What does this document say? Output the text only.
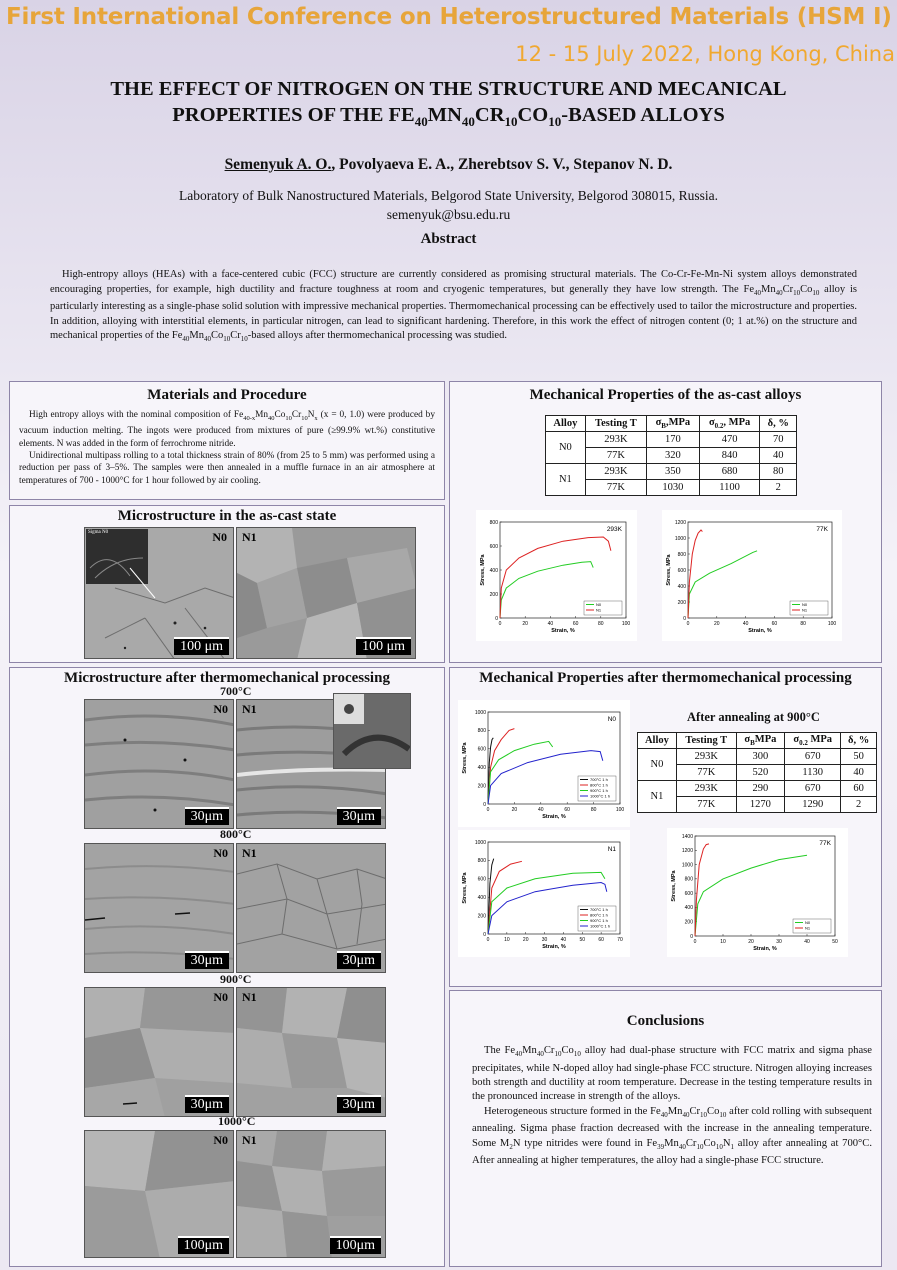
First International Conference on Heterostructured Materials (HSM I)
12 - 15 July 2022, Hong Kong, China
THE EFFECT OF NITROGEN ON THE STRUCTURE AND MECANICAL
PROPERTIES OF THE $FE_{40}MN_{40}CR_{10}CO_{10}$-BASED ALLOYS
Semenyuk A. O., Povolyaeva E. A., Zherebtsov S. V., Stepanov N. D.
Laboratory of Bulk Nanostructured Materials, Belgorod State University, Belgorod 308015, Russia.
semenyuk@bsu.edu.ru
Abstract
High-entropy alloys (HEAs) with a face-centered cubic (FCC) structure are currently considered as promising structural materials. The Co-Cr-Fe-Mn-Ni system alloys demonstrated encouraging properties, for example, high ductility and fracture toughness at room and cryogenic temperatures, but generally they have low strength. The $Fe_{40}Mn_{40}Cr_{10}Co_{10}$ alloy is particularly interesting as a single-phase solid solution with impressive mechanical properties. Thermomechanical processing can be effectively used to tailor the microstructure and properties. In addition, alloying with interstitial elements, in particular nitrogen, can lead to significant hardening. Therefore, in this work the effect of nitrogen content (0; 1 at.%) on the structure and mechanical properties of the $Fe_{40}Mn_{40}Co_{10}Cr_{10}$-based alloys after thermomechanical processing was studied.
Materials and Procedure

High entropy alloys with the nominal composition of $Fe_{40-x}Mn_{40}Co_{10}Cr_{10}N_x$ (x = 0, 1.0) were produced by vacuum induction melting. The ingots were produced from mixtures of pure (≥99.9% wt.%) constitutive elements. N was added in the form of ferrochrome nitride.

Unidirectional multipass rolling to a total thickness strain of 80% (from 25 to 5 mm) was performed using a reduction per pass of 3–5%. The samples were then annealed in a muffle furnace in an air atmosphere at temperatures of 700 - 1000°C for 1 hour followed by air cooling.

Mechanical Properties of the as-cast alloys
Alloy	Testing T	$\sigma_B,MPa$	$\sigma_{0.2}$, MPa	δ, %
N0	293K	170	470	70
	77K	320	840	40
N1	293K	350	680	80
	77K	1030	1100	2
0	20	40	60	80	100
0
200
400
600
800
Strain, %
Stress, MPa
293K
N0
N1
0	20	40	60	80	100
0
200
400
600
800
1000
1200
Strain, %
Stress, MPa
77K
N0
N1
Microstructure in the as-cast state
N0
Sigma N0
100 μm
N1
100 μm
Microstructure after thermomechanical processing
700°C
800°C
900°C
1000°C
N0
30μm
N1
30μm
N0
30μm
N1
30μm
N0
30μm
N1
30μm
N0
100μm
N1
100μm
Mechanical Properties after thermomechanical processing
0	20	40	60	80	100
0
200
400
600
800
1000
Strain, %
Stress, MPa
N0
700°C 1 h
800°C 1 h
900°C 1 h
1000°C 1 h
0	10	20	30	40	50	60	70
0
200
400
600
800
1000
Strain, %
Stress, MPa
N1
700°C 1 h
800°C 1 h
900°C 1 h
1000°C 1 h
After annealing at 900°C
Alloy	Testing T	$\sigma_BMPa$	$\sigma_{0.2}$ MPa	δ, %
N0	293K	300	670	50
	77K	520	1130	40
N1	293K	290	670	60
	77K	1270	1290	2
0	10	20	30	40	50
0
200
400
600
800
1000
1200
1400
Strain, %
Stress, MPa
77K
N0
N1
Conclusions

The $Fe_{40}Mn_{40}Cr_{10}Co_{10}$ alloy had dual-phase structure with FCC matrix and sigma phase precipitates, while N-doped alloy had single-phase FCC structure. Nitrogen alloying increases both strength and ductility at room temperature. Decrease in the testing temperature results in the pronounced increase in strength of the alloys.

Heterogeneous structure formed in the $Fe_{40}Mn_{40}Cr_{10}Co_{10}$ after cold rolling with subsequent annealing. Sigma phase fraction decreased with the increase in the annealing temperature. Some $M_2N$ type nitrides were found in $Fe_{39}Mn_{40}Cr_{10}Co_{10}N_1$ alloy after annealing at 700°C. After annealing at higher temperatures, the alloy had a single-phase FCC structure.
